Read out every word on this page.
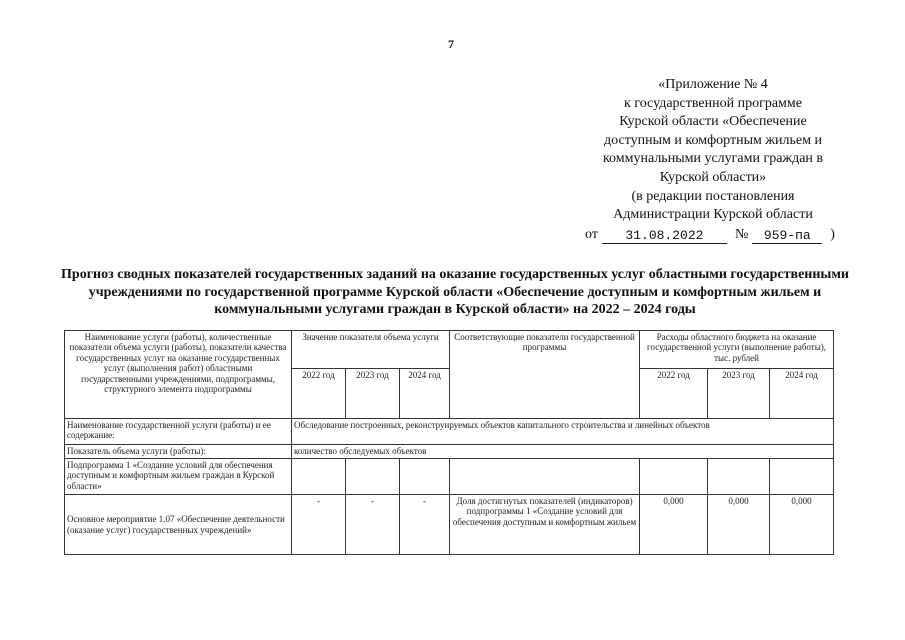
7
«Приложение № 4
к государственной программе
Курской области «Обеспечение
доступным и комфортным жильем и
коммунальными услугами граждан в
Курской области»
(в редакции постановления
Администрации Курской области
от	31.08.2022	№	959-па	)
Прогноз сводных показателей государственных заданий на оказание государственных услуг областными государственными учреждениями по государственной программе Курской области «Обеспечение доступным и комфортным жильем и коммунальными услугами граждан в Курской области» на 2022 – 2024 годы
Наименование услуги (работы), количественные показатели объема услуги (работы), показатели качества государственных услуг на оказание государственных услуг (выполнения работ) областными государственными учреждениями, подпрограммы, структурного элемента подпрограммы	Значение показателя объема услуги			Соответствующие показатели государственной программы	Расходы областного бюджета на оказание государственной услуги (выполнение работы), тыс. рублей		
	2022 год	2023 год	2024 год		2022 год	2023 год	2024 год
Наименование государственной услуги (работы) и ее содержание:	Обследование построенных, реконструируемых объектов капитального строительства и линейных объектов						
Показатель объема услуги (работы):	количество обследуемых объектов						
Подпрограмма 1 «Создание условий для обеспечения доступным и комфортным жильем граждан в Курской области»							
Основное мероприятие 1.07 «Обеспечение деятельности (оказание услуг) государственных учреждений»	-	-	-	Доля достигнутых показателей (индикаторов) подпрограммы 1 «Создание условий для обеспечения доступным и комфортным жильем	0,000	0,000	0,000
